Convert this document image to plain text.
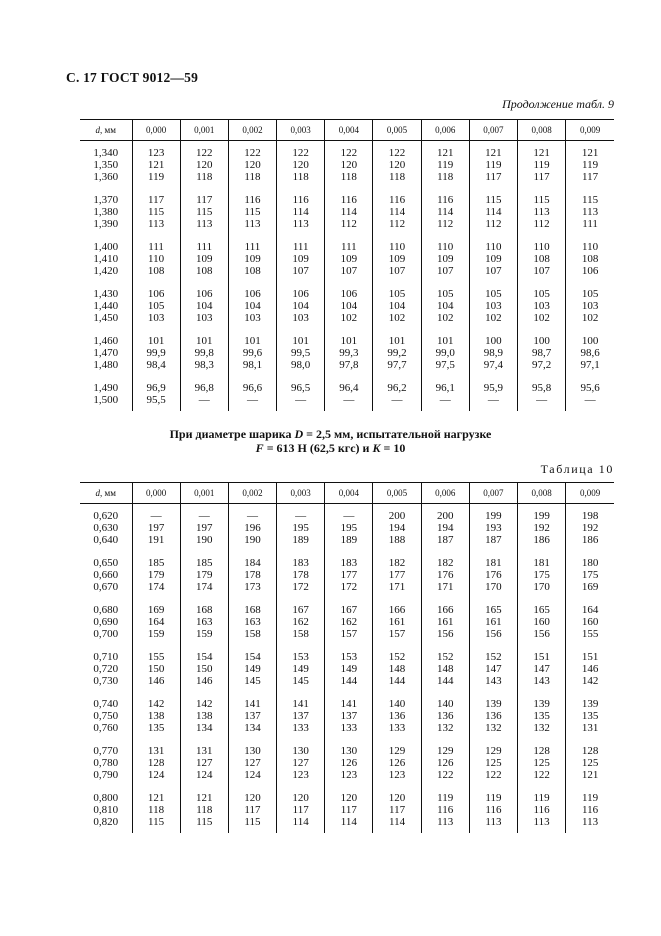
С. 17 ГОСТ 9012—59
Продолжение табл. 9
d, мм	0,000	0,001	0,002	0,003	0,004	0,005	0,006	0,007	0,008	0,009
1,340	123	122	122	122	122	122	121	121	121	121
1,350	121	120	120	120	120	120	119	119	119	119
1,360	119	118	118	118	118	118	118	117	117	117

1,370	117	117	116	116	116	116	116	115	115	115
1,380	115	115	115	114	114	114	114	114	113	113
1,390	113	113	113	113	112	112	112	112	112	111

1,400	111	111	111	111	111	110	110	110	110	110
1,410	110	109	109	109	109	109	109	109	108	108
1,420	108	108	108	107	107	107	107	107	107	106

1,430	106	106	106	106	106	105	105	105	105	105
1,440	105	104	104	104	104	104	104	103	103	103
1,450	103	103	103	103	102	102	102	102	102	102

1,460	101	101	101	101	101	101	101	100	100	100
1,470	99,9	99,8	99,6	99,5	99,3	99,2	99,0	98,9	98,7	98,6
1,480	98,4	98,3	98,1	98,0	97,8	97,7	97,5	97,4	97,2	97,1

1,490	96,9	96,8	96,6	96,5	96,4	96,2	96,1	95,9	95,8	95,6
1,500	95,5	—	—	—	—	—	—	—	—	—
При диаметре шарика D = 2,5 мм, испытательной нагрузке
F = 613 Н (62,5 кгс) и K = 10
Таблица 10
d, мм	0,000	0,001	0,002	0,003	0,004	0,005	0,006	0,007	0,008	0,009
0,620	—	—	—	—	—	200	200	199	199	198
0,630	197	197	196	195	195	194	194	193	192	192
0,640	191	190	190	189	189	188	187	187	186	186

0,650	185	185	184	183	183	182	182	181	181	180
0,660	179	179	178	178	177	177	176	176	175	175
0,670	174	174	173	172	172	171	171	170	170	169

0,680	169	168	168	167	167	166	166	165	165	164
0,690	164	163	163	162	162	161	161	161	160	160
0,700	159	159	158	158	157	157	156	156	156	155

0,710	155	154	154	153	153	152	152	152	151	151
0,720	150	150	149	149	149	148	148	147	147	146
0,730	146	146	145	145	144	144	144	143	143	142

0,740	142	142	141	141	141	140	140	139	139	139
0,750	138	138	137	137	137	136	136	136	135	135
0,760	135	134	134	133	133	133	132	132	132	131

0,770	131	131	130	130	130	129	129	129	128	128
0,780	128	127	127	127	126	126	126	125	125	125
0,790	124	124	124	123	123	123	122	122	122	121

0,800	121	121	120	120	120	120	119	119	119	119
0,810	118	118	117	117	117	117	116	116	116	116
0,820	115	115	115	114	114	114	113	113	113	113
